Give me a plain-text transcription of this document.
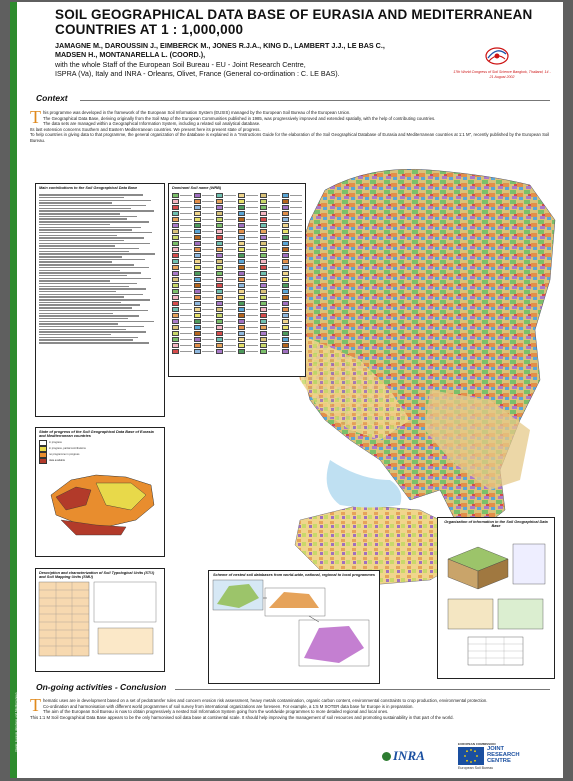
Image: Eurasia database and Mediterranean
SOIL GEOGRAPHICAL DATA BASE OF EURASIA AND MEDITERRANEAN COUNTRIES AT 1 : 1,000,000
JAMAGNE M., DAROUSSIN J., EIMBERCK M., JONES R.J.A., KING D., LAMBERT J.J., LE BAS C.,
MADSEN H., MONTANARELLA L. (COORD.),
with the whole Staff of the European Soil Bureau - EU - Joint Research Centre,
ISPRA (Va), Italy and INRA - Orleans, Olivet, France (General co-ordination : C. LE BAS).	17th World Congress of Soil Science Bangkok, Thailand, 14 - 21 August 2002
Context
T his programme was developed in the framework of the European Soil Information System (EUSIS) managed by the European Soil Bureau of the European Union.
The Geographical Data Base, deriving originally from the Soil Map of the European Communities published in 1985, was progressively improved and extended spatially, with the help of contributing countries.
The data sets are managed within a Geographical Information System, including a related soil analytical database.
Its last extension concerns Southern and Eastern Mediterranean countries. We present here its present state of progress.
To help countries in giving data to that programme, the general organization of the database is explained in a "Instructions Guide for the elaboration of the Soil Geographical Database of Eurasia and Mediterranean countries at 1:1 M", recently published by the European Soil Bureau.
Main contributions to the Soil Geographical Data Base	Dominant Soil name (WRB)
State of progress of the Soil Geographical Data Base of Eurasia and Mediterranean countries
in progress
in progress, partial contributions
no programme in progress
data available
Description and characterization of Soil Typological Units (STU) and Soil Mapping Units (SMU)	Scheme of nested soil databases from world-wide, national, regional to local programmes
Organization of information in the Soil Geographical Data Base
On-going activities - Conclusion
T hematic uses are in development based on a set of pedotransfer rules and concern erosion risk assessment, heavy metals contamination, organic carbon content, environmental constraints to crop production, environmental protection.
Co-ordination and harmonisation with different world programmes of soil survey from international organizations are foreseen. For example, a 1:5 M SOTER data base for Europe is in preparation.
The aim of the European Soil Bureau is now to obtain progressively a nested Soil Information System going from the worldwide programmes to more detailed regional and local ones.
This 1:1 M Soil Geographical Data Base appears to be the only harmonised soil data base at continental scale. It should help improving the management of soil resources and promoting sustainability in that part of the world.
INRA
EUROPEAN COMMISSION
JOINT
RESEARCH
CENTRE
European Soil Bureau
